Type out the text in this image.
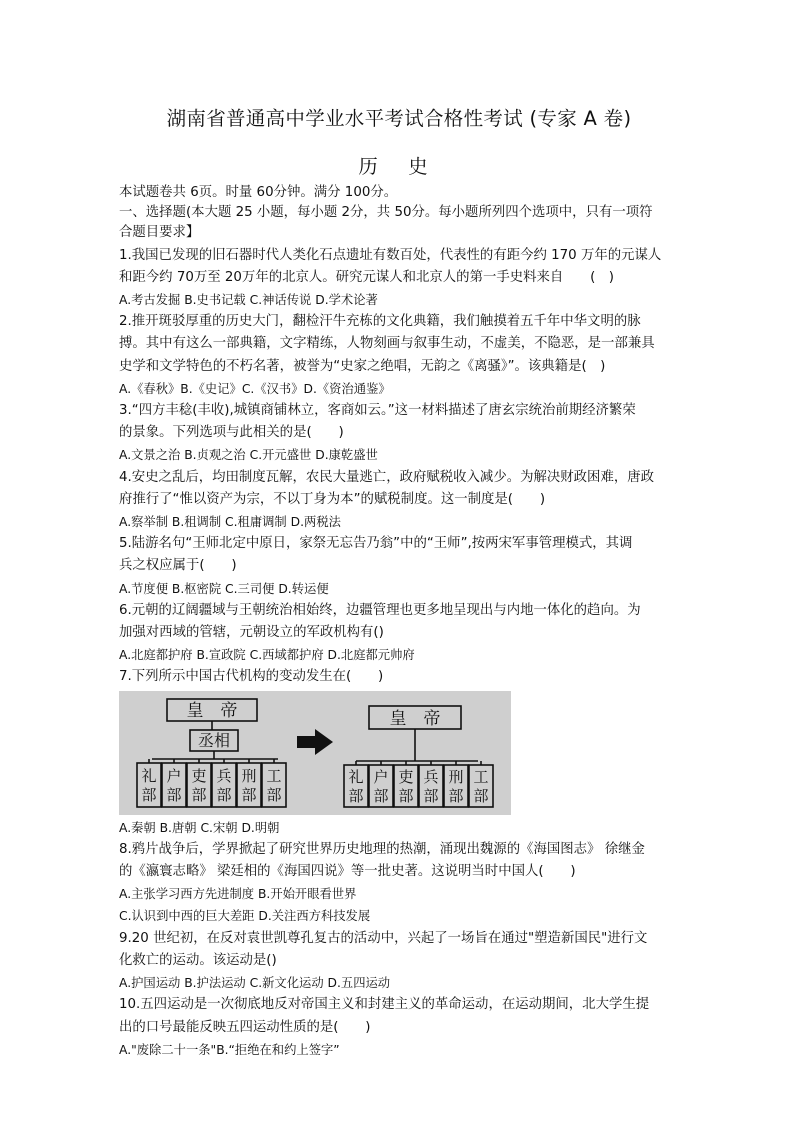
湖南省普通高中学业水平考试合格性考试 (专家 A 卷)
历 史
本试题卷共 6页。时量 60分钟。满分 100分。
一、选择题(本大题 25 小题，每小题 2分，共 50分。每小题所列四个选项中，只有一项符
合题目要求】
1.我国已发现的旧石器时代人类化石点遗址有数百处，代表性的有距今约 170 万年的元谋人
和距今约 70万至 20万年的北京人。研究元谋人和北京人的第一手史料来自　　(　)
A.考古发掘 B.史书记载 C.神话传说 D.学术论著
2.推开斑驳厚重的历史大门，翻检汗牛充栋的文化典籍，我们触摸着五千年中华文明的脉
搏。其中有这么一部典籍，文字精练，人物刻画与叙事生动，不虚美，不隐恶，是一部兼具
史学和文学特色的不朽名著，被誉为“史家之绝唱，无韵之《离骚》”。该典籍是(　)
A.《春秋》B.《史记》C.《汉书》D.《资治通鉴》
3.“四方丰稔(丰收),城镇商铺林立，客商如云。”这一材料描述了唐玄宗统治前期经济繁荣
的景象。下列选项与此相关的是(　　)
A.文景之治 B.贞观之治 C.开元盛世 D.康乾盛世
4.安史之乱后，均田制度瓦解，农民大量逃亡，政府赋税收入减少。为解决财政困难，唐政
府推行了“惟以资产为宗，不以丁身为本”的赋税制度。这一制度是(　　)
A.察举制 B.租调制 C.租庸调制 D.两税法
5.陆游名句“王师北定中原日，家祭无忘告乃翁”中的“王师”,按两宋军事管理模式，其调
兵之权应属于(　　)
A.节度便 B.枢密院 C.三司便 D.转运便
6.元朝的辽阔疆域与王朝统治相始终，边疆管理也更多地呈现出与内地一体化的趋向。为
加强对西域的管辖，元朝设立的军政机构有()
A.北庭都护府 B.宣政院 C.西域都护府 D.北庭都元帅府
7.下列所示中国古代机构的变动发生在(　　)
皇　帝
丞相
礼部
户部
吏部
兵部
刑部
工部
皇　帝
礼部
户部
吏部
兵部
刑部
工部
A.秦朝 B.唐朝 C.宋朝 D.明朝
8.鸦片战争后，学界掀起了研究世界历史地理的热潮，涌现出魏源的《海国图志》 徐继金
的《瀛寰志略》 梁廷相的《海国四说》等一批史著。这说明当时中国人(　　)
A.主张学习西方先进制度 B.开始开眼看世界
C.认识到中西的巨大差距 D.关注西方科技发展
9.20 世纪初，在反对袁世凯尊孔复古的活动中，兴起了一场旨在通过"塑造新国民"进行文
化救亡的运动。该运动是()
A.护国运动 B.护法运动 C.新文化运动 D.五四运动
10.五四运动是一次彻底地反对帝国主义和封建主义的革命运动，在运动期间，北大学生提
出的口号最能反映五四运动性质的是(　　)
A."废除二十一条"B.“拒绝在和约上签字”
